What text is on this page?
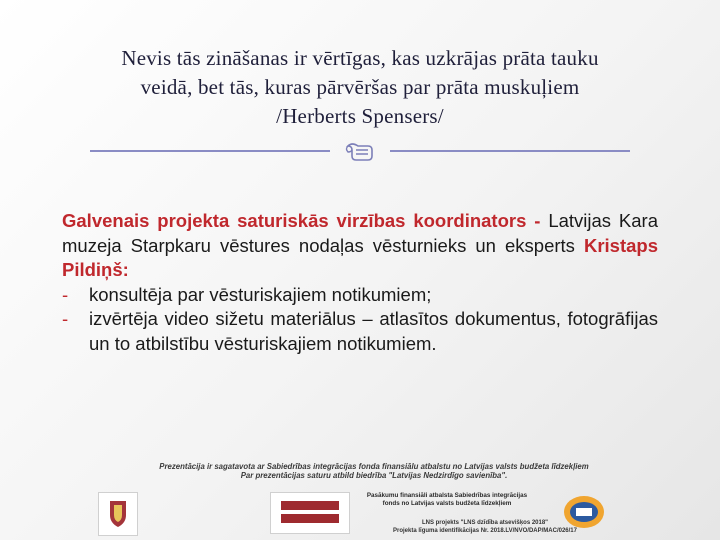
Nevis tās zināšanas ir vērtīgas, kas uzkrājas prāta tauku
veidā, bet tās, kuras pārvēršas par prāta muskuļiem
/Herberts Spensers/

Galvenais projekta saturiskās virzības koordinators - Latvijas Kara muzeja Starpkaru vēstures nodaļas vēsturnieks un eksperts Kristaps Pildiņš:

- konsultēja par vēsturiskajiem notikumiem;
- izvērtēja video sižetu materiālus – atlasītos dokumentus, fotogrāfijas un to atbilstību vēsturiskajiem notikumiem.
Prezentācija ir sagatavota ar Sabiedrības integrācijas fonda finansiālu atbalstu no Latvijas valsts budžeta līdzekļiem
Par prezentācijas saturu atbild biedrība "Latvijas Nedzirdīgo savienība".
Pasākumu finansiāli atbalsta Sabiedrības integrācijas fonds no Latvijas valsts budžeta līdzekļiem
LNS projekts "LNS dzīdība atsevišķos 2018"
Projekta līguma identifikācijas Nr. 2018.LV/NVO/DAP/MAC/026/17
